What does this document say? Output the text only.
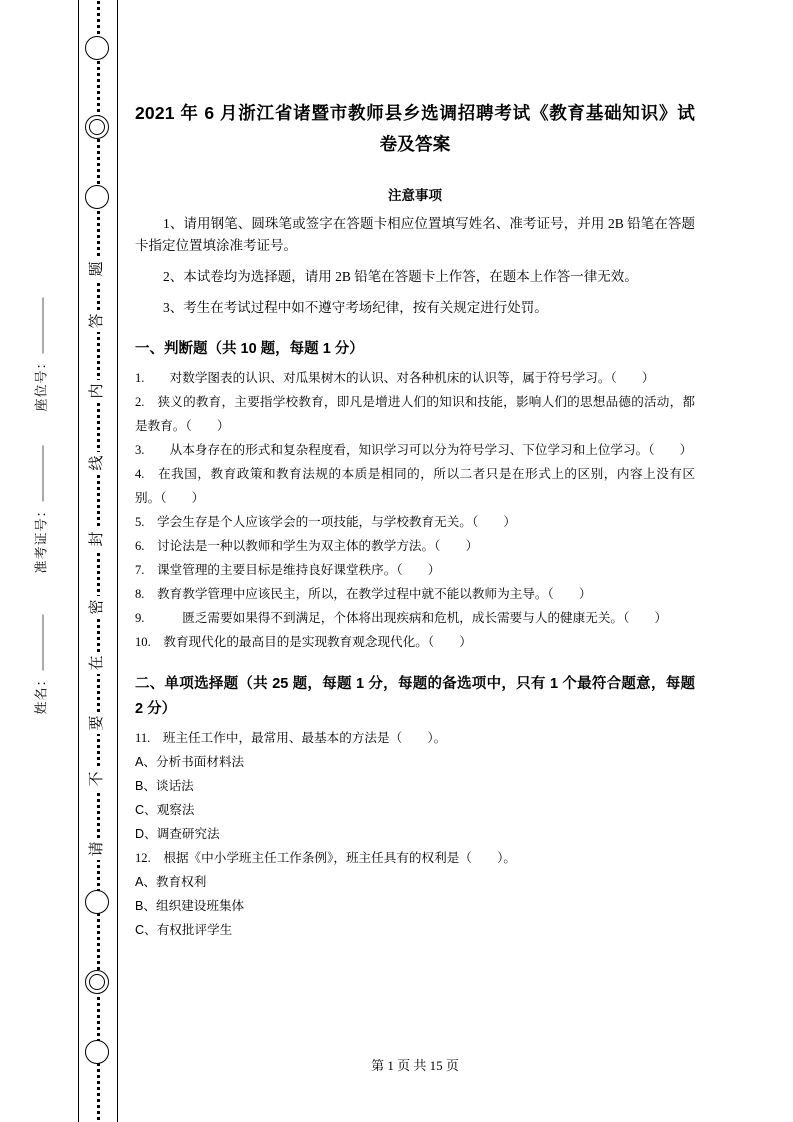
座位号：
准考证号：
姓名：
题
答
内
线
封
密
在
要
不
请
2021 年 6 月浙江省诸暨市教师县乡选调招聘考试《教育基础知识》试卷及答案
注意事项

1、请用钢笔、圆珠笔或签字在答题卡相应位置填写姓名、准考证号，并用 2B 铅笔在答题卡指定位置填涂准考证号。

2、本试卷均为选择题，请用 2B 铅笔在答题卡上作答，在题本上作答一律无效。

3、考生在考试过程中如不遵守考场纪律，按有关规定进行处罚。

一、判断题（共 10 题，每题 1 分）

1.　　对数学图表的认识、对瓜果树木的认识、对各种机床的认识等，属于符号学习。（　　）

2.　狭义的教育，主要指学校教育，即凡是增进人们的知识和技能，影响人们的思想品德的活动，都是教育。（　　）

3.　　从本身存在的形式和复杂程度看，知识学习可以分为符号学习、下位学习和上位学习。（　　）

4.　在我国，教育政策和教育法规的本质是相同的，所以二者只是在形式上的区别，内容上没有区别。（　　）

5.　学会生存是个人应该学会的一项技能，与学校教育无关。（　　）

6.　讨论法是一种以教师和学生为双主体的教学方法。（　　）

7.　课堂管理的主要目标是维持良好课堂秩序。（　　）

8.　教育教学管理中应该民主，所以，在教学过程中就不能以教师为主导。（　　）

9.　　　匮乏需要如果得不到满足，个体将出现疾病和危机，成长需要与人的健康无关。（　　）

10.　教育现代化的最高目的是实现教育观念现代化。（　　）

二、单项选择题（共 25 题，每题 1 分，每题的备选项中，只有 1 个最符合题意，每题 2 分）

11.　班主任工作中，最常用、最基本的方法是（　　）。

A、分析书面材料法

B、谈话法

C、观察法

D、调查研究法

12.　根据《中小学班主任工作条例》，班主任具有的权利是（　　）。

A、教育权利

B、组织建设班集体

C、有权批评学生

第 1 页 共 15 页
